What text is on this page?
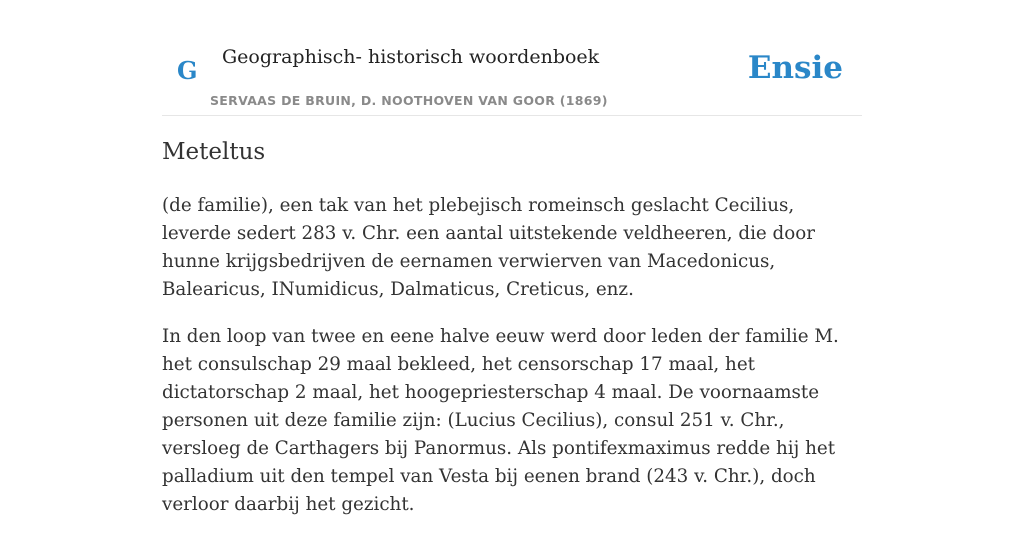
G Geographisch- historisch woordenboek
SERVAAS DE BRUIN, D. NOOTHOVEN VAN GOOR (1869)
Ensie
Meteltus

(de familie), een tak van het plebejisch romeinsch geslacht Cecilius, leverde sedert 283 v. Chr. een aantal uitstekende veldheeren, die door hunne krijgsbedrijven de eernamen verwierven van Macedonicus, Balearicus, INumidicus, Dalmaticus, Creticus, enz.

In den loop van twee en eene halve eeuw werd door leden der familie M. het consulschap 29 maal bekleed, het censorschap 17 maal, het dictatorschap 2 maal, het hoogepriesterschap 4 maal. De voornaamste personen uit deze familie zijn: (Lucius Cecilius), consul 251 v. Chr., versloeg de Carthagers bij Panormus. Als pontifexmaximus redde hij het palladium uit den tempel van Vesta bij eenen brand (243 v. Chr.), doch verloor daarbij het gezicht.
